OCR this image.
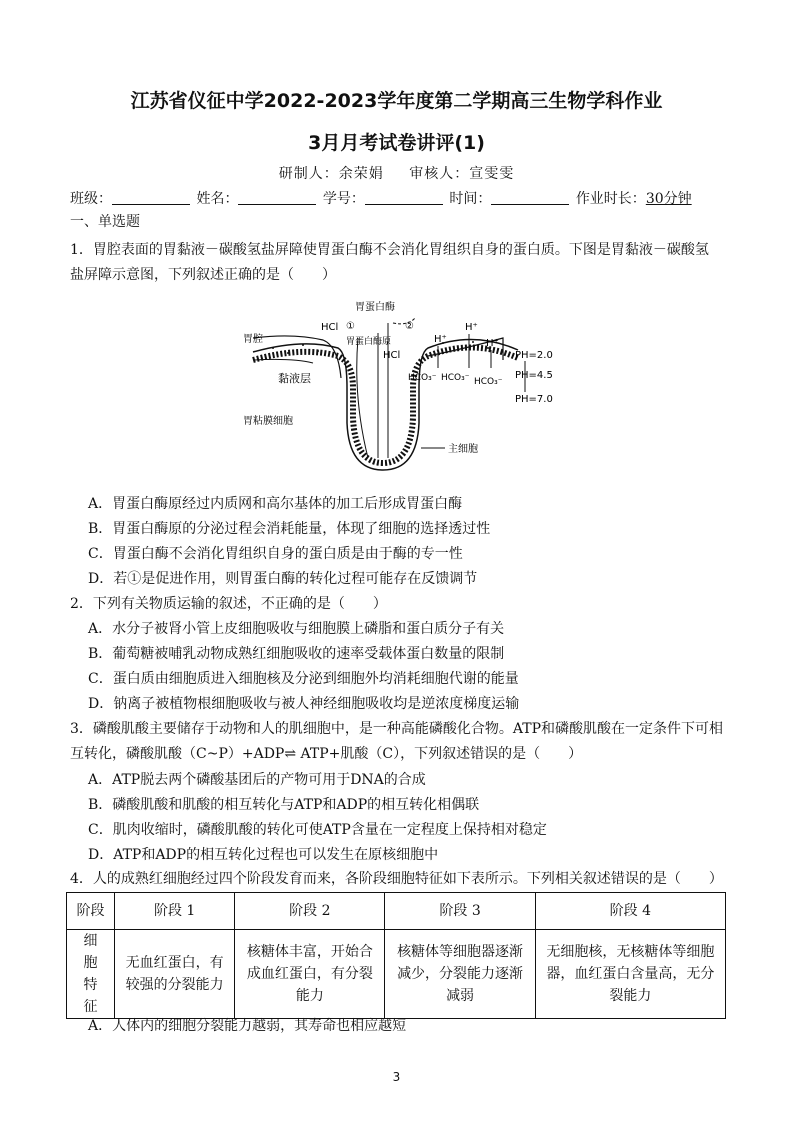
江苏省仪征中学2022-2023学年度第二学期高三生物学科作业
3月月考试卷讲评(1)
研制人：余荣娟 审核人：宣雯雯
班级：	姓名：	学号：	时间：	作业时长：30分钟
一、单选题
1．胃腔表面的胃黏液－碳酸氢盐屏障使胃蛋白酶不会消化胃组织自身的蛋白质。下图是胃黏液－碳酸氢
盐屏障示意图，下列叙述正确的是（　　）
胃蛋白酶
HCl ①	②
胃蛋白酶原
HCl
胃腔
黏液层
胃粘膜细胞
主细胞
H⁺
H⁺
H⁺
HCO₃⁻ HCO₃⁻ HCO₃⁻
PH=2.0
PH=4.5
PH=7.0
A．胃蛋白酶原经过内质网和高尔基体的加工后形成胃蛋白酶
B．胃蛋白酶原的分泌过程会消耗能量，体现了细胞的选择透过性
C．胃蛋白酶不会消化胃组织自身的蛋白质是由于酶的专一性
D．若①是促进作用，则胃蛋白酶的转化过程可能存在反馈调节
2．下列有关物质运输的叙述，不正确的是（　　）
A．水分子被肾小管上皮细胞吸收与细胞膜上磷脂和蛋白质分子有关
B．葡萄糖被哺乳动物成熟红细胞吸收的速率受载体蛋白数量的限制
C．蛋白质由细胞质进入细胞核及分泌到细胞外均消耗细胞代谢的能量
D．钠离子被植物根细胞吸收与被人神经细胞吸收均是逆浓度梯度运输
3．磷酸肌酸主要储存于动物和人的肌细胞中，是一种高能磷酸化合物。ATP和磷酸肌酸在一定条件下可相
互转化，磷酸肌酸（C~P）+ADP⇌ ATP+肌酸（C），下列叙述错误的是（　　）
A．ATP脱去两个磷酸基团后的产物可用于DNA的合成
B．磷酸肌酸和肌酸的相互转化与ATP和ADP的相互转化相偶联
C．肌肉收缩时，磷酸肌酸的转化可使ATP含量在一定程度上保持相对稳定
D．ATP和ADP的相互转化过程也可以发生在原核细胞中
4．人的成熟红细胞经过四个阶段发育而来，各阶段细胞特征如下表所示。下列相关叙述错误的是（　　）
阶段	阶段 1	阶段 2	阶段 3	阶段 4
细胞特征	无血红蛋白，有较强的分裂能力	核糖体丰富，开始合成血红蛋白，有分裂能力	核糖体等细胞器逐渐减少，分裂能力逐渐减弱	无细胞核，无核糖体等细胞器，血红蛋白含量高，无分裂能力
A．人体内的细胞分裂能力越弱，其寿命也相应越短
3
